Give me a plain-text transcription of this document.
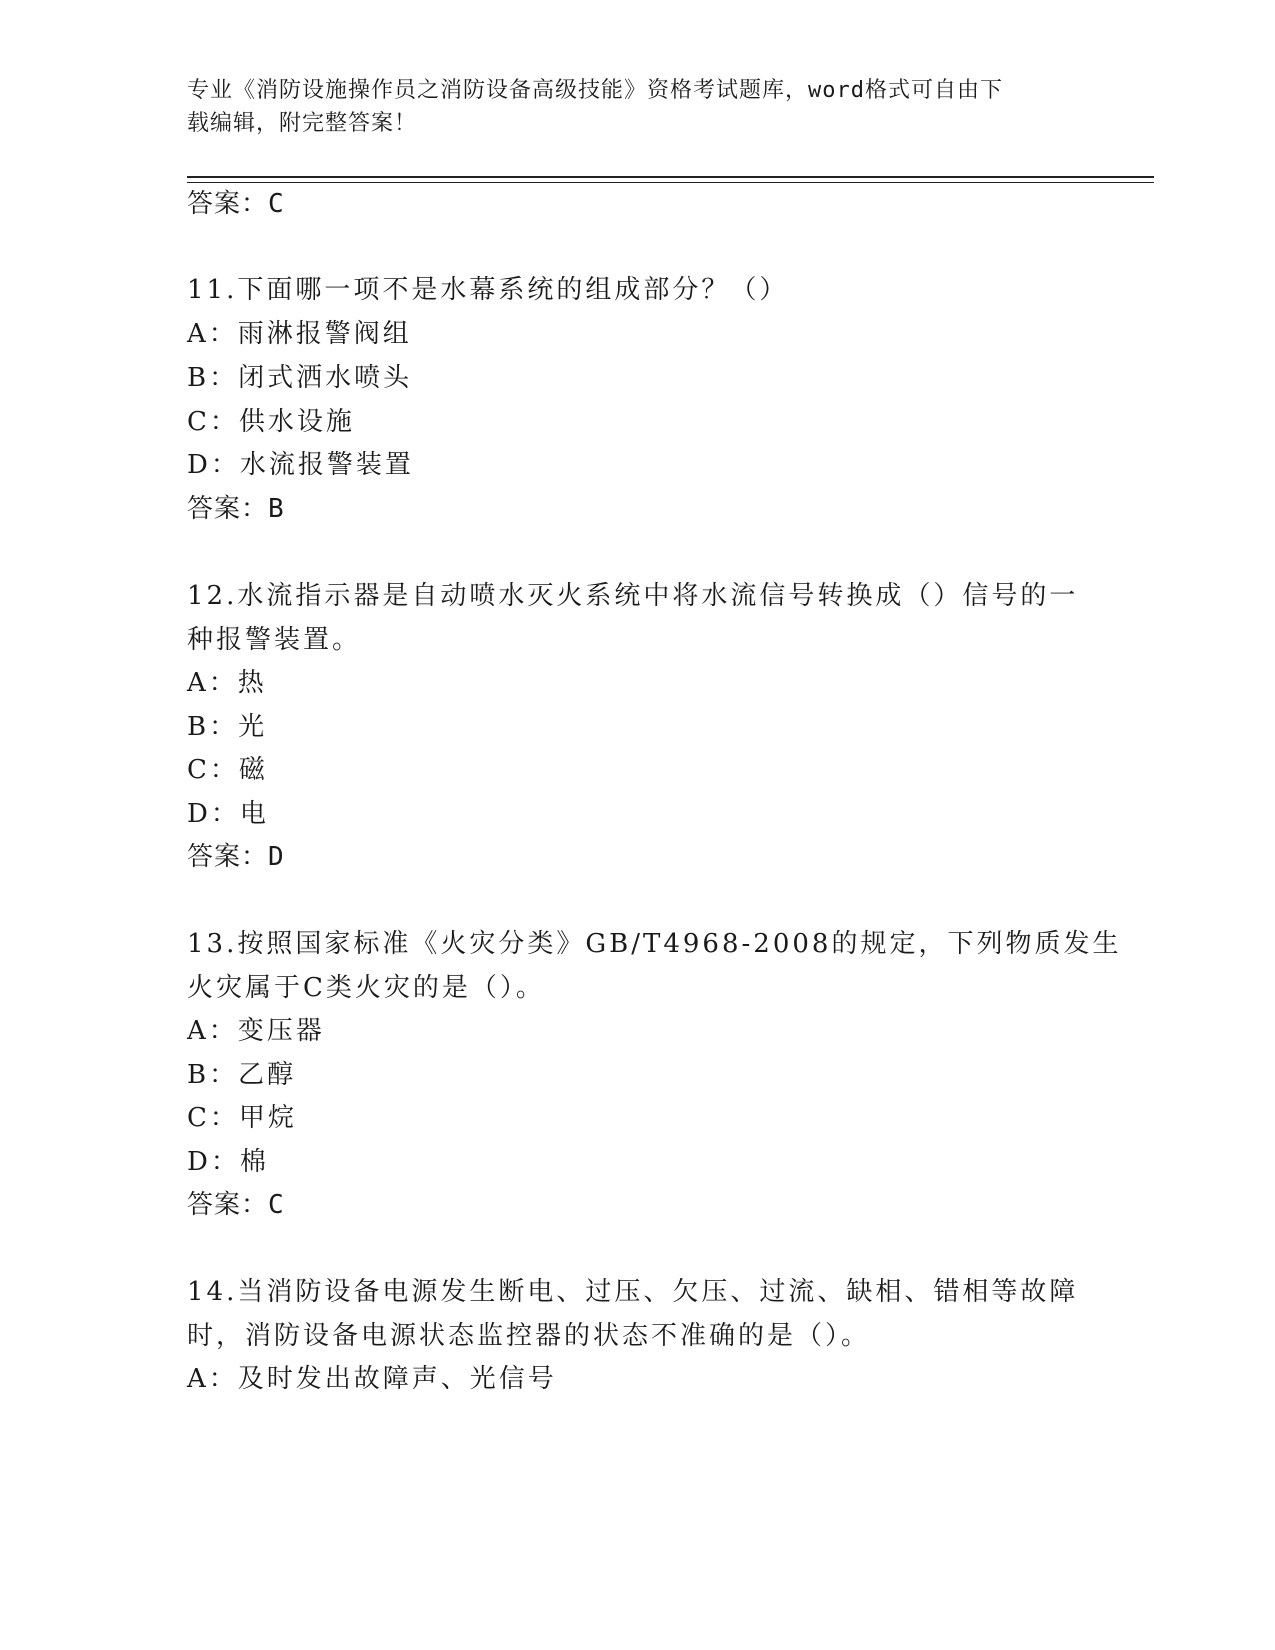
专业《消防设施操作员之消防设备高级技能》资格考试题库，word格式可自由下
载编辑，附完整答案！
答案：C
11.下面哪一项不是水幕系统的组成部分？（）
A：雨淋报警阀组
B：闭式洒水喷头
C：供水设施
D：水流报警装置
答案：B
12.水流指示器是自动喷水灭火系统中将水流信号转换成（）信号的一
种报警装置。
A：热
B：光
C：磁
D：电
答案：D
13.按照国家标准《火灾分类》GB/T4968-2008的规定，下列物质发生
火灾属于C类火灾的是（）。
A：变压器
B：乙醇
C：甲烷
D：棉
答案：C
14.当消防设备电源发生断电、过压、欠压、过流、缺相、错相等故障
时，消防设备电源状态监控器的状态不准确的是（）。
A：及时发出故障声、光信号
